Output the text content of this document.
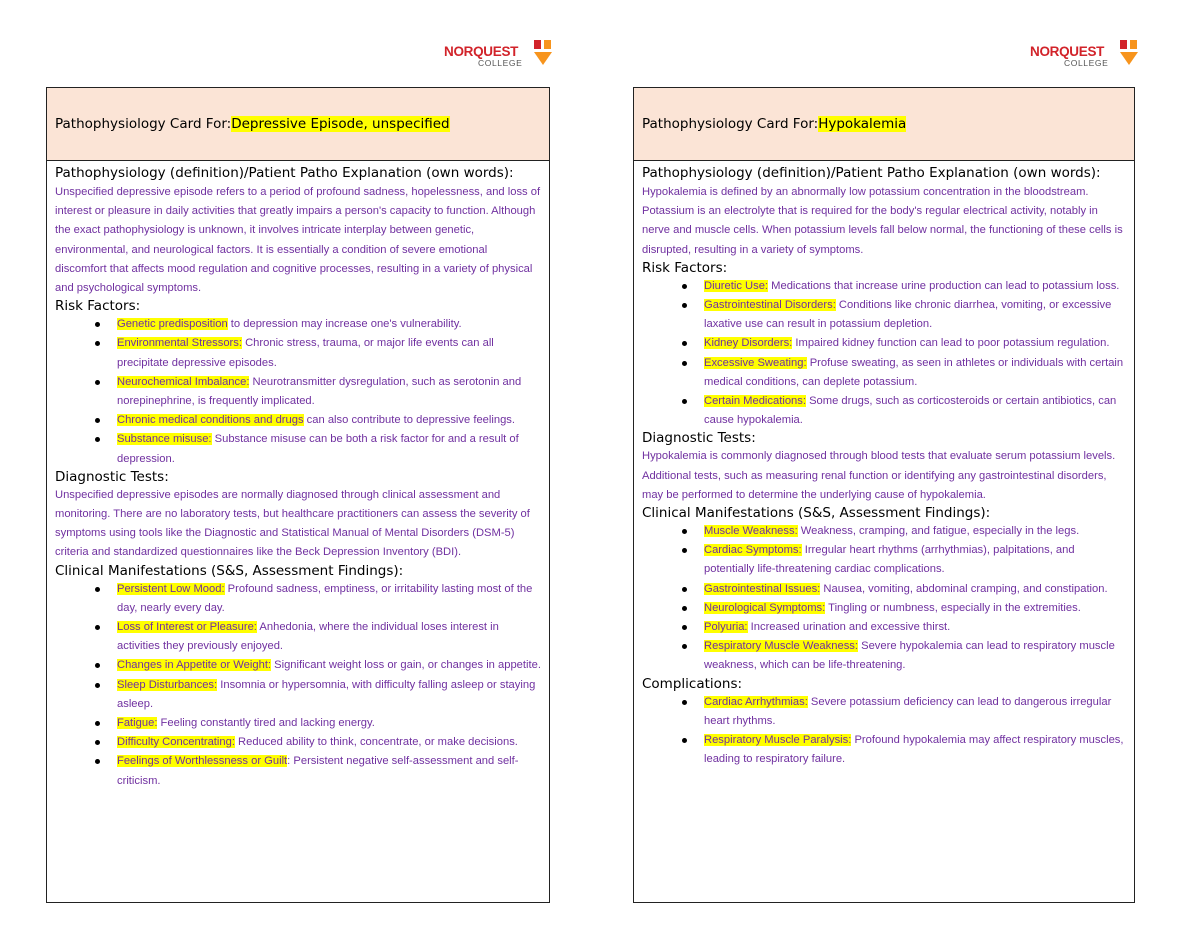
NORQUEST
COLLEGE
NORQUEST
COLLEGE
Pathophysiology Card For: Depressive Episode, unspecified

Pathophysiology (definition)/Patient Patho Explanation (own words):

Unspecified depressive episode refers to a period of profound sadness, hopelessness, and loss of interest or pleasure in daily activities that greatly impairs a person's capacity to function. Although the exact pathophysiology is unknown, it involves intricate interplay between genetic, environmental, and neurological factors. It is essentially a condition of severe emotional discomfort that affects mood regulation and cognitive processes, resulting in a variety of physical and psychological symptoms.

Risk Factors:

Genetic predisposition to depression may increase one's vulnerability.
Environmental Stressors: Chronic stress, trauma, or major life events can all precipitate depressive episodes.
Neurochemical Imbalance: Neurotransmitter dysregulation, such as serotonin and norepinephrine, is frequently implicated.
Chronic medical conditions and drugs can also contribute to depressive feelings.
Substance misuse: Substance misuse can be both a risk factor for and a result of depression.

Diagnostic Tests:

Unspecified depressive episodes are normally diagnosed through clinical assessment and monitoring. There are no laboratory tests, but healthcare practitioners can assess the severity of symptoms using tools like the Diagnostic and Statistical Manual of Mental Disorders (DSM-5) criteria and standardized questionnaires like the Beck Depression Inventory (BDI).

Clinical Manifestations (S&S, Assessment Findings):

Persistent Low Mood: Profound sadness, emptiness, or irritability lasting most of the day, nearly every day.
Loss of Interest or Pleasure: Anhedonia, where the individual loses interest in activities they previously enjoyed.
Changes in Appetite or Weight: Significant weight loss or gain, or changes in appetite.
Sleep Disturbances: Insomnia or hypersomnia, with difficulty falling asleep or staying asleep.
Fatigue: Feeling constantly tired and lacking energy.
Difficulty Concentrating: Reduced ability to think, concentrate, or make decisions.
Feelings of Worthlessness or Guilt: Persistent negative self-assessment and self-criticism.
Pathophysiology Card For: Hypokalemia

Pathophysiology (definition)/Patient Patho Explanation (own words):

Hypokalemia is defined by an abnormally low potassium concentration in the bloodstream. Potassium is an electrolyte that is required for the body's regular electrical activity, notably in nerve and muscle cells. When potassium levels fall below normal, the functioning of these cells is disrupted, resulting in a variety of symptoms.

Risk Factors:

Diuretic Use: Medications that increase urine production can lead to potassium loss.
Gastrointestinal Disorders: Conditions like chronic diarrhea, vomiting, or excessive laxative use can result in potassium depletion.
Kidney Disorders: Impaired kidney function can lead to poor potassium regulation.
Excessive Sweating: Profuse sweating, as seen in athletes or individuals with certain medical conditions, can deplete potassium.
Certain Medications: Some drugs, such as corticosteroids or certain antibiotics, can cause hypokalemia.

Diagnostic Tests:

Hypokalemia is commonly diagnosed through blood tests that evaluate serum potassium levels. Additional tests, such as measuring renal function or identifying any gastrointestinal disorders, may be performed to determine the underlying cause of hypokalemia.

Clinical Manifestations (S&S, Assessment Findings):

Muscle Weakness: Weakness, cramping, and fatigue, especially in the legs.
Cardiac Symptoms: Irregular heart rhythms (arrhythmias), palpitations, and potentially life-threatening cardiac complications.
Gastrointestinal Issues: Nausea, vomiting, abdominal cramping, and constipation.
Neurological Symptoms: Tingling or numbness, especially in the extremities.
Polyuria: Increased urination and excessive thirst.
Respiratory Muscle Weakness: Severe hypokalemia can lead to respiratory muscle weakness, which can be life-threatening.

Complications:

Cardiac Arrhythmias: Severe potassium deficiency can lead to dangerous irregular heart rhythms.
Respiratory Muscle Paralysis: Profound hypokalemia may affect respiratory muscles, leading to respiratory failure.
